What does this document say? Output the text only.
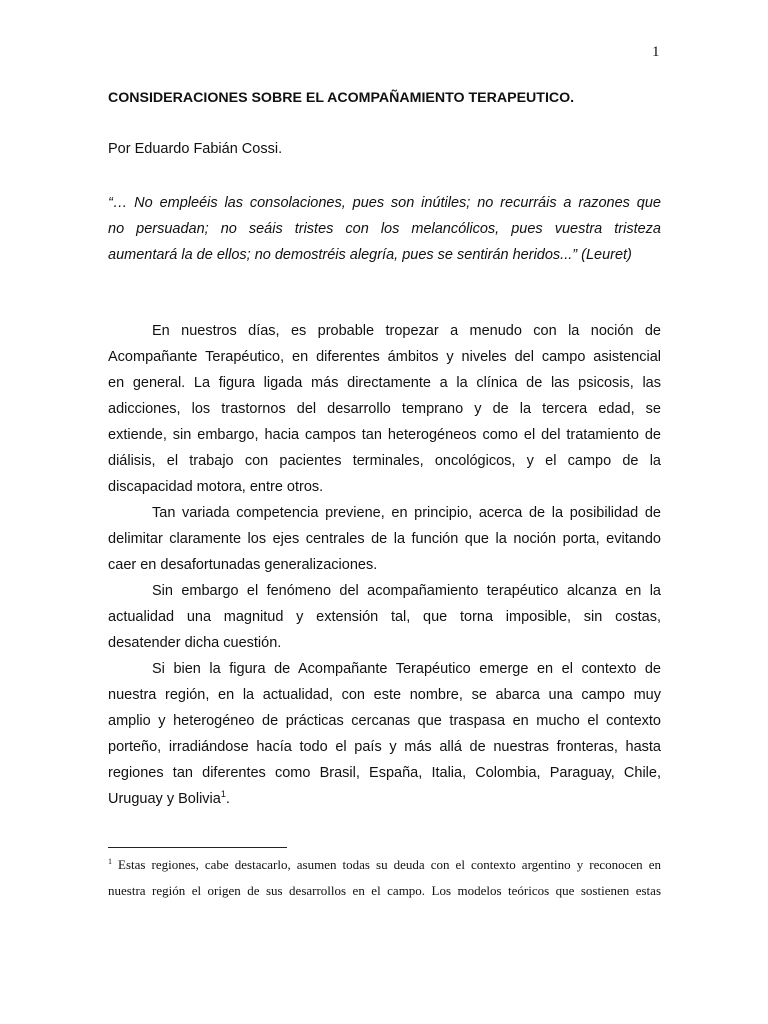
1
CONSIDERACIONES SOBRE EL ACOMPAÑAMIENTO TERAPEUTICO.
Por Eduardo Fabián Cossi.
“… No empleéis las consolaciones, pues son inútiles; no recurráis a razones que
no persuadan; no seáis tristes con los melancólicos, pues vuestra tristeza
aumentará la de ellos; no demostréis alegría, pues se sentirán heridos...” (Leuret)

En nuestros días, es probable tropezar a menudo con la noción de
Acompañante Terapéutico, en diferentes ámbitos y niveles del campo asistencial
en general. La figura ligada más directamente a la clínica de las psicosis, las
adicciones, los trastornos del desarrollo temprano y de la tercera edad, se
extiende, sin embargo, hacia campos tan heterogéneos como el del tratamiento de
diálisis, el trabajo con pacientes terminales, oncológicos, y el campo de la
discapacidad motora, entre otros.

Tan variada competencia previene, en principio, acerca de la posibilidad de
delimitar claramente los ejes centrales de la función que la noción porta, evitando
caer en desafortunadas generalizaciones.

Sin embargo el fenómeno del acompañamiento terapéutico alcanza en la
actualidad una magnitud y extensión tal, que torna imposible, sin costas,
desatender dicha cuestión.

Si bien la figura de Acompañante Terapéutico emerge en el contexto de
nuestra región, en la actualidad, con este nombre, se abarca una campo muy
amplio y heterogéneo de prácticas cercanas que traspasa en mucho el contexto
porteño, irradiándose hacía todo el país y más allá de nuestras fronteras, hasta
regiones tan diferentes como Brasil, España, Italia, Colombia, Paraguay, Chile,
Uruguay y Bolivia$^1$.

$^1$ Estas regiones, cabe destacarlo, asumen todas su deuda con el contexto argentino y reconocen en
nuestra región el origen de sus desarrollos en el campo. Los modelos teóricos que sostienen estas
